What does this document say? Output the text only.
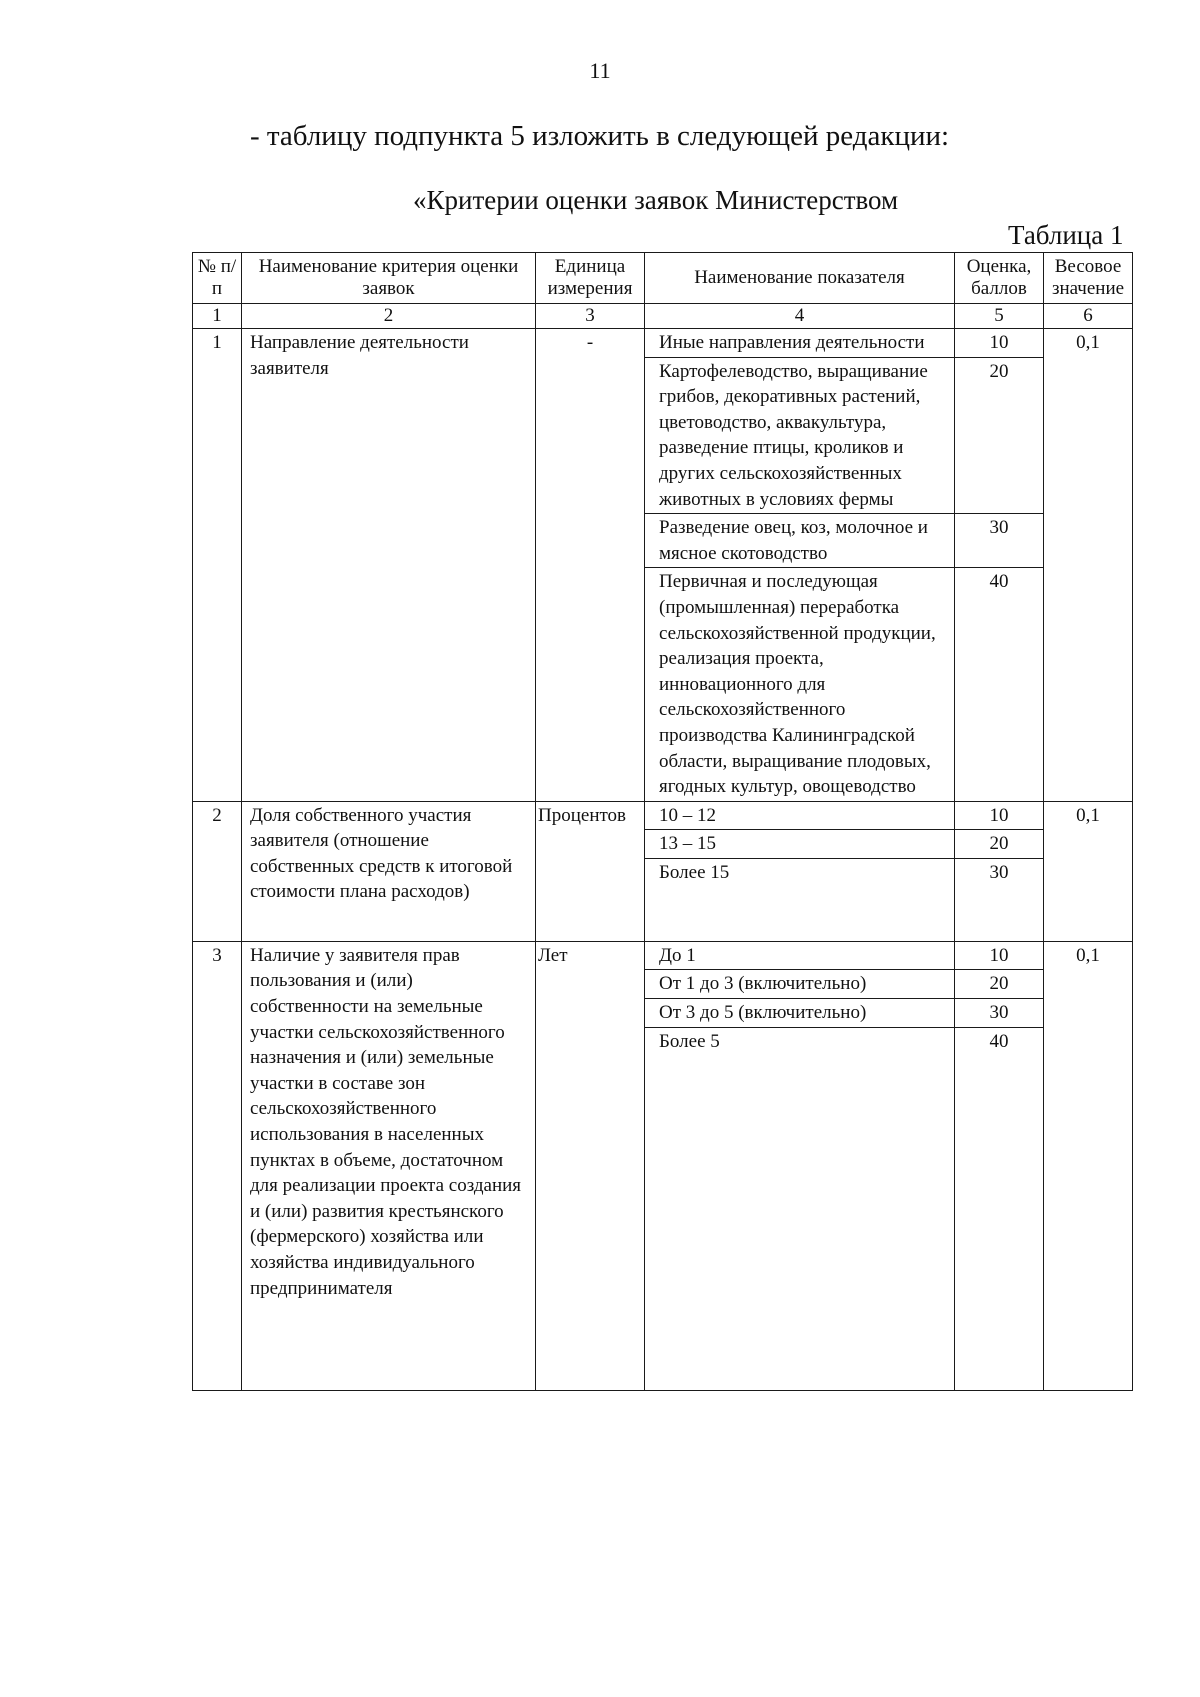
11
- таблицу подпункта 5 изложить в следующей редакции:
«Критерии оценки заявок Министерством
Таблица 1
№ п/п	Наименование критерия оценки заявок	Единица измерения	Наименование показателя	Оценка, баллов	Весовое значение
1	2	3	4	5	6
1	Направление деятельности заявителя	-	Иные направления деятельности	10	0,1
			Картофелеводство, выращивание грибов, декоративных растений, цветоводство, аквакультура, разведение птицы, кроликов и других сельскохозяйственных животных в условиях фермы	20	
			Разведение овец, коз, молочное и мясное скотоводство	30	
			Первичная и последующая (промышленная) переработка сельскохозяйственной продукции, реализация проекта, инновационного для сельскохозяйственного производства Калининградской области, выращивание плодовых, ягодных культур, овощеводство	40	
2	Доля собственного участия заявителя (отношение собственных средств к итоговой стоимости плана расходов)	Процентов	10 – 12	10	0,1
			13 – 15	20	
			Более 15	30	
3	Наличие у заявителя прав пользования и (или) собственности на земельные участки сельскохозяйственного назначения и (или) земельные участки в составе зон сельскохозяйственного использования в населенных пунктах в объеме, достаточном для реализации проекта создания и (или) развития крестьянского (фермерского) хозяйства или хозяйства индивидуального предпринимателя	Лет	До 1	10	0,1
			От 1 до 3 (включительно)	20	
			От 3 до 5 (включительно)	30	
			Более 5	40	
